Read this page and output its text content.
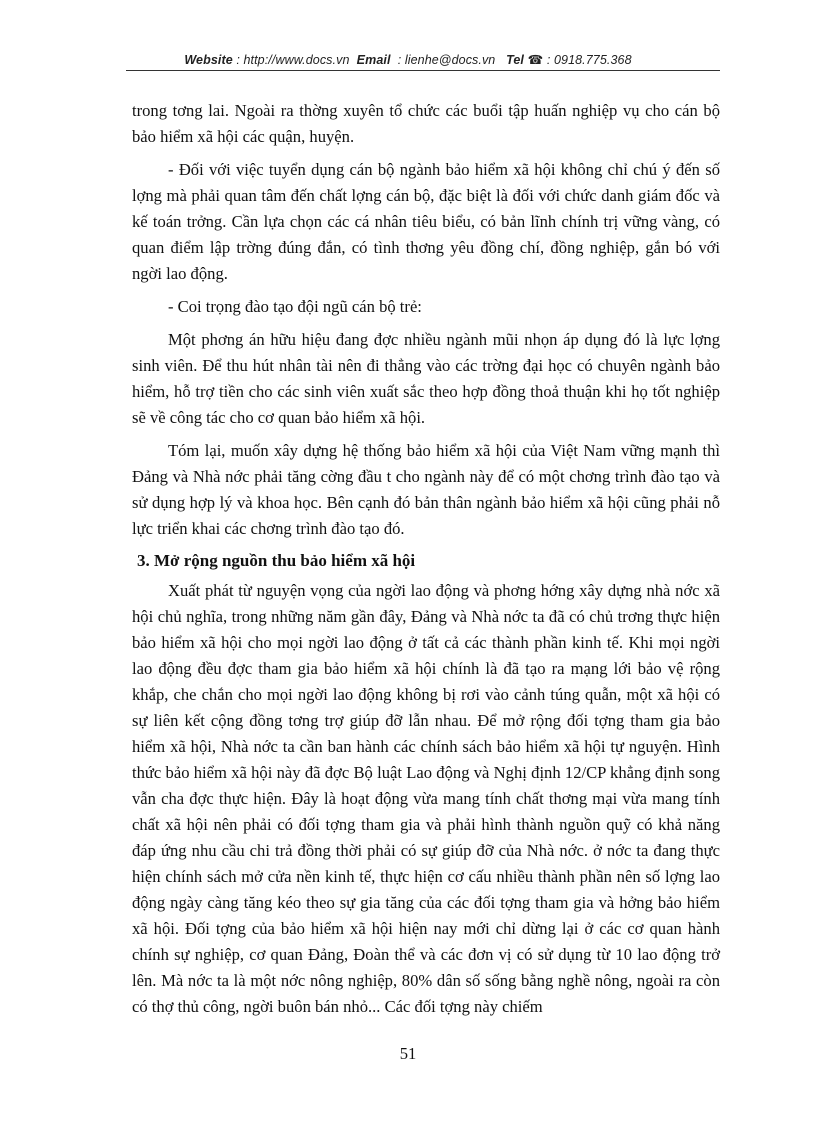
Website : http://www.docs.vn Email : lienhe@docs.vn Tel ☎ : 0918.775.368

trong tơng lai. Ngoài ra thờng xuyên tổ chức các buổi tập huấn nghiệp vụ cho cán bộ bảo hiểm xã hội các quận, huyện.

- Đối với việc tuyển dụng cán bộ ngành bảo hiểm xã hội không chỉ chú ý đến số lợng mà phải quan tâm đến chất lợng cán bộ, đặc biệt là đối với chức danh giám đốc và kế toán trởng. Cần lựa chọn các cá nhân tiêu biểu, có bản lĩnh chính trị vững vàng, có quan điểm lập trờng đúng đắn, có tình thơng yêu đồng chí, đồng nghiệp, gắn bó với ngời lao động.

- Coi trọng đào tạo đội ngũ cán bộ trẻ:

Một phơng án hữu hiệu đang đợc nhiều ngành mũi nhọn áp dụng đó là lực lợng sinh viên. Để thu hút nhân tài nên đi thẳng vào các trờng đại học có chuyên ngành bảo hiểm, hỗ trợ tiền cho các sinh viên xuất sắc theo hợp đồng thoả thuận khi họ tốt nghiệp sẽ về công tác cho cơ quan bảo hiểm xã hội.

Tóm lại, muốn xây dựng hệ thống bảo hiểm xã hội của Việt Nam vững mạnh thì Đảng và Nhà nớc phải tăng cờng đầu t cho ngành này để có một chơng trình đào tạo và sử dụng hợp lý và khoa học. Bên cạnh đó bản thân ngành bảo hiểm xã hội cũng phải nỗ lực triển khai các chơng trình đào tạo đó.

3. Mở rộng nguồn thu bảo hiểm xã hội

Xuất phát từ nguyện vọng của ngời lao động và phơng hớng xây dựng nhà nớc xã hội chủ nghĩa, trong những năm gần đây, Đảng và Nhà nớc ta đã có chủ trơng thực hiện bảo hiểm xã hội cho mọi ngời lao động ở tất cả các thành phần kinh tế. Khi mọi ngời lao động đều đợc tham gia bảo hiểm xã hội chính là đã tạo ra mạng lới bảo vệ rộng khắp, che chắn cho mọi ngời lao động không bị rơi vào cảnh túng quẫn, một xã hội có sự liên kết cộng đồng tơng trợ giúp đỡ lẫn nhau. Để mở rộng đối tợng tham gia bảo hiểm xã hội, Nhà nớc ta cần ban hành các chính sách bảo hiểm xã hội tự nguyện. Hình thức bảo hiểm xã hội này đã đợc Bộ luật Lao động và Nghị định 12/CP khẳng định song vẫn cha đợc thực hiện. Đây là hoạt động vừa mang tính chất thơng mại vừa mang tính chất xã hội nên phải có đối tợng tham gia và phải hình thành nguồn quỹ có khả năng đáp ứng nhu cầu chi trả đồng thời phải có sự giúp đỡ của Nhà nớc. ở nớc ta đang thực hiện chính sách mở cửa nền kinh tế, thực hiện cơ cấu nhiều thành phần nên số lợng lao động ngày càng tăng kéo theo sự gia tăng của các đối tợng tham gia và hởng bảo hiểm xã hội. Đối tợng của bảo hiểm xã hội hiện nay mới chỉ dừng lại ở các cơ quan hành chính sự nghiệp, cơ quan Đảng, Đoàn thể và các đơn vị có sử dụng từ 10 lao động trở lên. Mà nớc ta là một nớc nông nghiệp, 80% dân số sống bằng nghề nông, ngoài ra còn có thợ thủ công, ngời buôn bán nhỏ... Các đối tợng này chiếm

51
